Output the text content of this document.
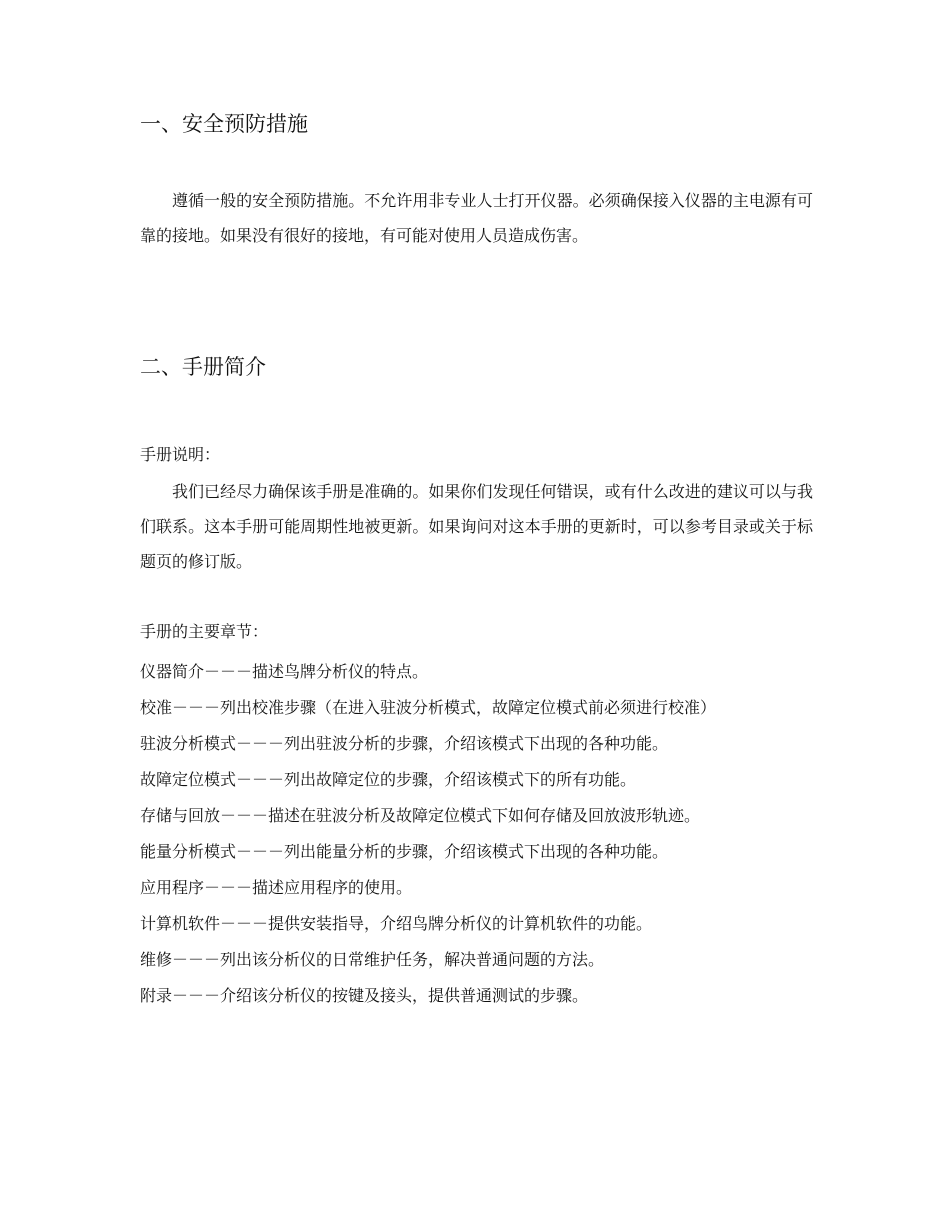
一、安全预防措施

遵循一般的安全预防措施。不允许用非专业人士打开仪器。必须确保接入仪器的主电源有可靠的接地。如果没有很好的接地，有可能对使用人员造成伤害。

二、手册简介

手册说明：

我们已经尽力确保该手册是准确的。如果你们发现任何错误，或有什么改进的建议可以与我们联系。这本手册可能周期性地被更新。如果询问对这本手册的更新时，可以参考目录或关于标题页的修订版。

手册的主要章节：

仪器简介－－－描述鸟牌分析仪的特点。
校准－－－列出校准步骤（在进入驻波分析模式，故障定位模式前必须进行校准）
驻波分析模式－－－列出驻波分析的步骤，介绍该模式下出现的各种功能。
故障定位模式－－－列出故障定位的步骤，介绍该模式下的所有功能。
存储与回放－－－描述在驻波分析及故障定位模式下如何存储及回放波形轨迹。
能量分析模式－－－列出能量分析的步骤，介绍该模式下出现的各种功能。
应用程序－－－描述应用程序的使用。
计算机软件－－－提供安装指导，介绍鸟牌分析仪的计算机软件的功能。
维修－－－列出该分析仪的日常维护任务，解决普通问题的方法。
附录－－－介绍该分析仪的按键及接头，提供普通测试的步骤。
